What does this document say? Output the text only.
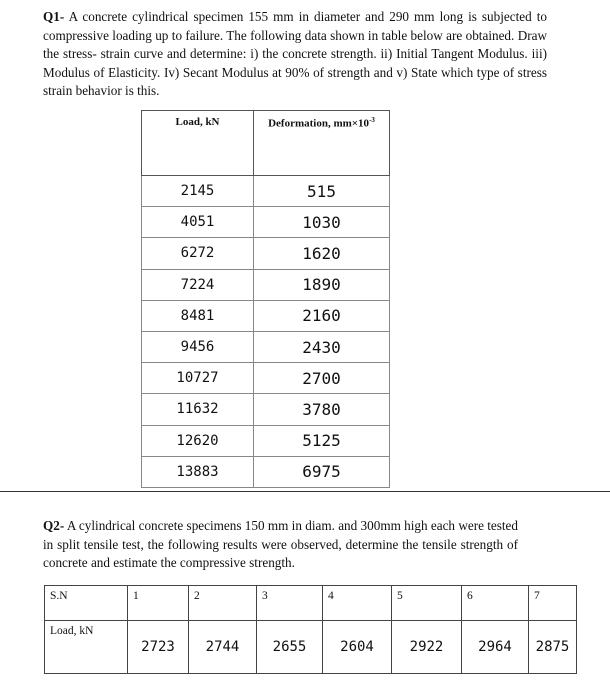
Q1- A concrete cylindrical specimen 155 mm in diameter and 290 mm long is subjected to compressive loading up to failure. The following data shown in table below are obtained. Draw the stress- strain curve and determine: i) the concrete strength. ii) Initial Tangent Modulus. iii) Modulus of Elasticity. Iv) Secant Modulus at 90% of strength and v) State which type of stress strain behavior is this.
Load, kN	Deformation, $mm\times 10^{-3}$
2145	515
4051	1030
6272	1620
7224	1890
8481	2160
9456	2430
10727	2700
11632	3780
12620	5125
13883	6975
Q2- A cylindrical concrete specimens 150 mm in diam. and 300mm high each were tested in split tensile test, the following results were observed, determine the tensile strength of concrete and estimate the compressive strength.
S.N	1	2	3	4	5	6	7
Load, kN	2723	2744	2655	2604	2922	2964	2875
